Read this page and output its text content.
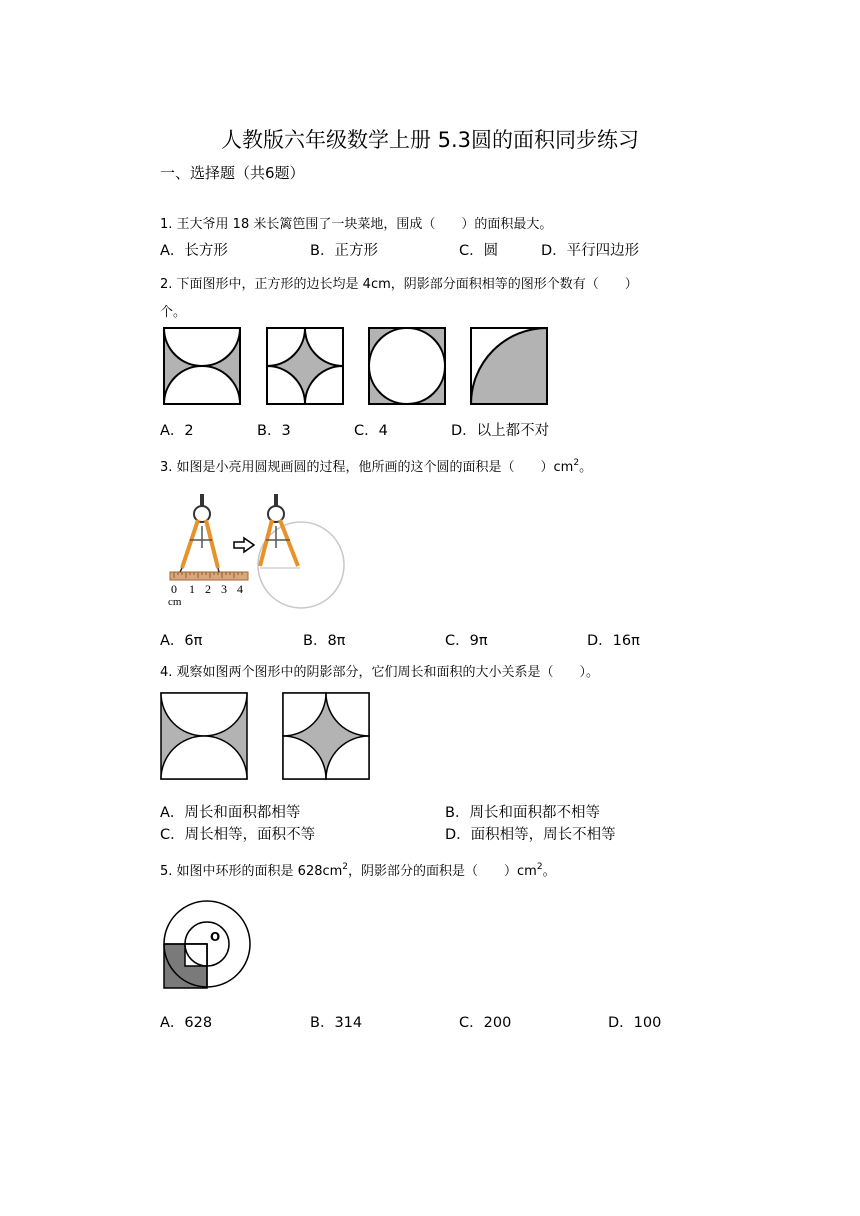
人教版六年级数学上册 5.3圆的面积同步练习
一、选择题（共6题）
1. 王大爷用 18 米长篱笆围了一块菜地，围成（　　）的面积最大。
A．长方形	B．正方形	C．圆	D．平行四边形
2. 下面图形中，正方形的边长均是 4cm，阴影部分面积相等的图形个数有（　　）
个。
A．2	B．3	C．4	D．以上都不对
3. 如图是小亮用圆规画圆的过程，他所画的这个圆的面积是（　　）$cm^2$。
0 1 2 3 4
cm
A．6π	B．8π	C．9π	D．16π
4. 观察如图两个图形中的阴影部分，它们周长和面积的大小关系是（　　）。
A．周长和面积都相等	B．周长和面积都不相等
C．周长相等，面积不等	D．面积相等，周长不相等
5. 如图中环形的面积是 $628cm^2$，阴影部分的面积是（　　）$cm^2$。
O
A．628	B．314	C．200	D．100
